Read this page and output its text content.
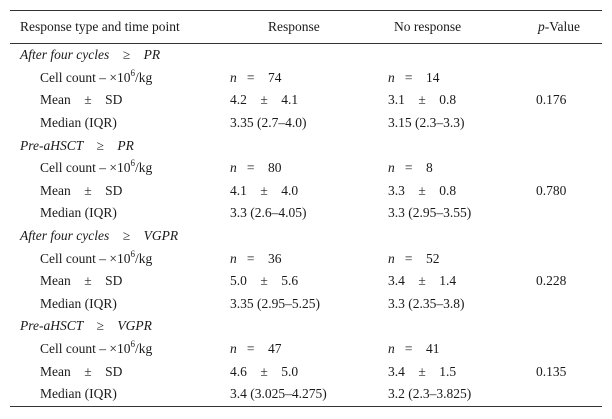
Response type and time point	Response	No response	p-Value
After four cycles    ≥    PR			
Cell count – $\times 10^6/kg$	n   =    74	n   =    14	
Mean    ±    SD	4.2    ±    4.1	3.1    ±    0.8	0.176
Median (IQR)	3.35 (2.7–4.0)	3.15 (2.3–3.3)	
Pre-aHSCT    ≥    PR			
Cell count – $\times 10^6/kg$	n   =    80	n   =    8	
Mean    ±    SD	4.1    ±    4.0	3.3    ±    0.8	0.780
Median (IQR)	3.3 (2.6–4.05)	3.3 (2.95–3.55)	
After four cycles    ≥    VGPR			
Cell count – $\times 10^6/kg$	n   =    36	n   =    52	
Mean    ±    SD	5.0    ±    5.6	3.4    ±    1.4	0.228
Median (IQR)	3.35 (2.95–5.25)	3.3 (2.35–3.8)	
Pre-aHSCT    ≥    VGPR			
Cell count – $\times 10^6/kg$	n   =    47	n   =    41	
Mean    ±    SD	4.6    ±    5.0	3.4    ±    1.5	0.135
Median (IQR)	3.4 (3.025–4.275)	3.2 (2.3–3.825)	
